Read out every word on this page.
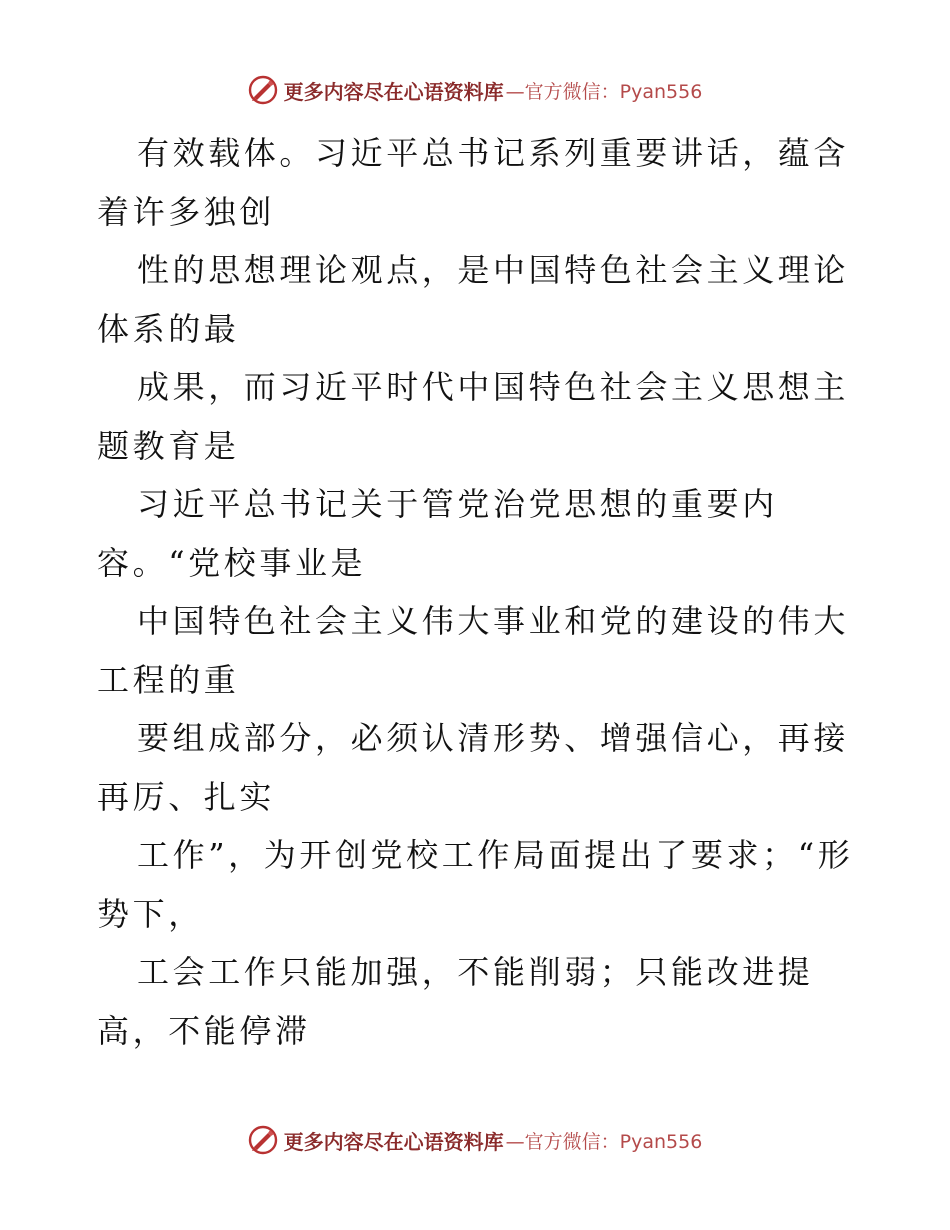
更多内容尽在心语资料库 —官方微信：Pyan556

有效载体。习近平总书记系列重要讲话，蕴含着许多独创

性的思想理论观点，是中国特色社会主义理论体系的最

成果，而习近平时代中国特色社会主义思想主题教育是

习近平总书记关于管党治党思想的重要内容。“党校事业是

中国特色社会主义伟大事业和党的建设的伟大工程的重

要组成部分，必须认清形势、增强信心，再接再厉、扎实

工作”，为开创党校工作局面提出了要求；“形势下，

工会工作只能加强，不能削弱；只能改进提高，不能停滞

更多内容尽在心语资料库 —官方微信：Pyan556
